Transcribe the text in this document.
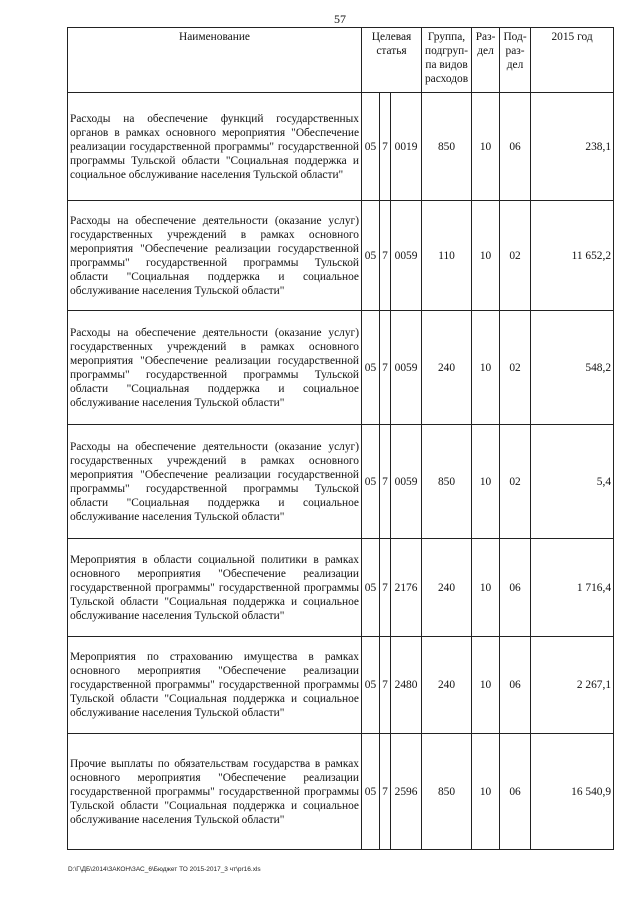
57
Наименование	Целевая статья			Группа, подгруп-па видов расходов	Раз-дел	Под-раз-дел	2015 год
Расходы на обеспечение функций государственных органов в рамках основного мероприятия "Обеспечение реализации государственной программы" государственной программы Тульской области "Социальная поддержка и социальное обслуживание населения Тульской области"	05	7	0019	850	10	06	238,1
Расходы на обеспечение деятельности (оказание услуг) государственных учреждений в рамках основного мероприятия "Обеспечение реализации государственной программы" государственной программы Тульской области "Социальная поддержка и социальное обслуживание населения Тульской области"	05	7	0059	110	10	02	11 652,2
Расходы на обеспечение деятельности (оказание услуг) государственных учреждений в рамках основного мероприятия "Обеспечение реализации государственной программы" государственной программы Тульской области "Социальная поддержка и социальное обслуживание населения Тульской области"	05	7	0059	240	10	02	548,2
Расходы на обеспечение деятельности (оказание услуг) государственных учреждений в рамках основного мероприятия "Обеспечение реализации государственной программы" государственной программы Тульской области "Социальная поддержка и социальное обслуживание населения Тульской области"	05	7	0059	850	10	02	5,4
Мероприятия в области социальной политики в рамках основного мероприятия "Обеспечение реализации государственной программы" государственной программы Тульской области "Социальная поддержка и социальное обслуживание населения Тульской области"	05	7	2176	240	10	06	1 716,4
Мероприятия по страхованию имущества в рамках основного мероприятия "Обеспечение реализации государственной программы" государственной программы Тульской области "Социальная поддержка и социальное обслуживание населения Тульской области"	05	7	2480	240	10	06	2 267,1
Прочие выплаты по обязательствам государства в рамках основного мероприятия "Обеспечение реализации государственной программы" государственной программы Тульской области "Социальная поддержка и социальное обслуживание населения Тульской области"	05	7	2596	850	10	06	16 540,9
D:\Г\ДБ\2014\ЗАКОН\ЗАС_6\Бюджет ТО 2015-2017_3 чт\pr16.xls
